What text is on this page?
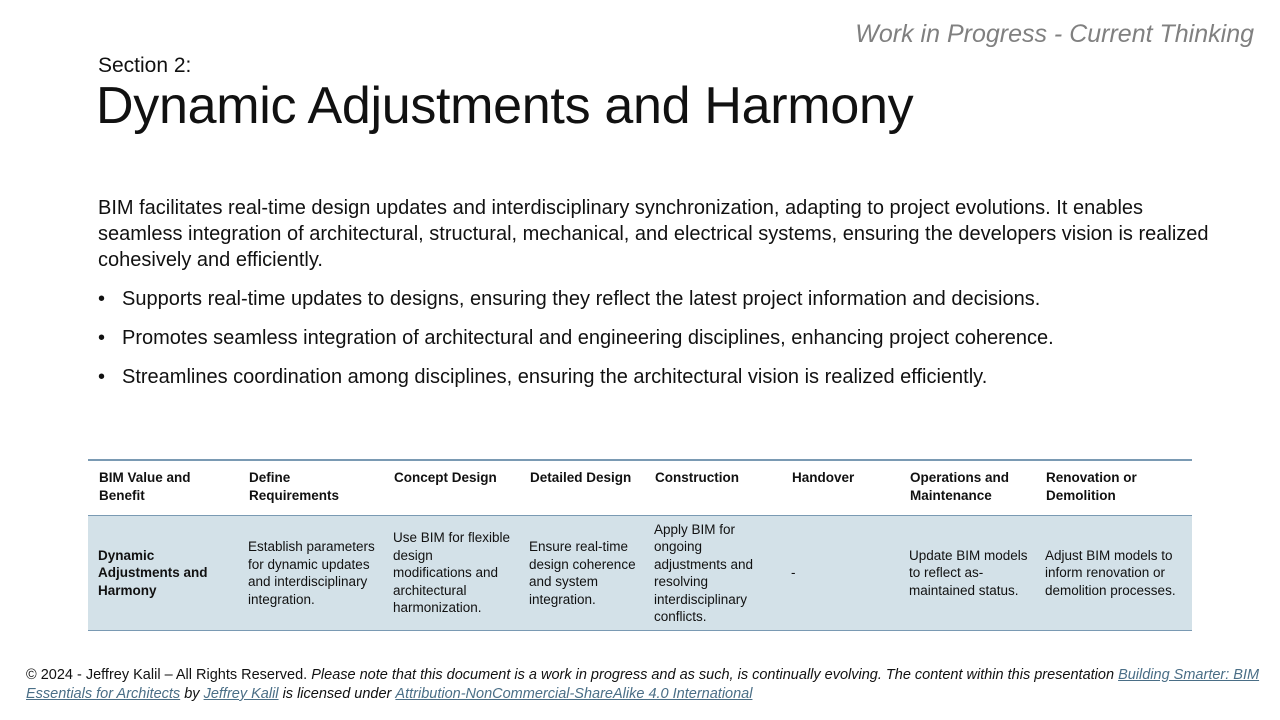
Work in Progress - Current Thinking
Section 2:
Dynamic Adjustments and Harmony
BIM facilitates real-time design updates and interdisciplinary synchronization, adapting to project evolutions. It enables seamless integration of architectural, structural, mechanical, and electrical systems, ensuring the developers vision is realized cohesively and efficiently.
• Supports real-time updates to designs, ensuring they reflect the latest project information and decisions.
• Promotes seamless integration of architectural and engineering disciplines, enhancing project coherence.
• Streamlines coordination among disciplines, ensuring the architectural vision is realized efficiently.
BIM Value and Benefit	Define Requirements	Concept Design	Detailed Design	Construction	Handover	Operations and Maintenance	Renovation or Demolition
Dynamic Adjustments and Harmony	Establish parameters for dynamic updates and interdisciplinary integration.	Use BIM for flexible design modifications and architectural harmonization.	Ensure real-time design coherence and system integration.	Apply BIM for ongoing adjustments and resolving interdisciplinary conflicts.	-	Update BIM models to reflect as-maintained status.	Adjust BIM models to inform renovation or demolition processes.
© 2024 - Jeffrey Kalil – All Rights Reserved. Please note that this document is a work in progress and as such, is continually evolving. The content within this presentation Building Smarter: BIM Essentials for Architects by Jeffrey Kalil is licensed under Attribution-NonCommercial-ShareAlike 4.0 International
